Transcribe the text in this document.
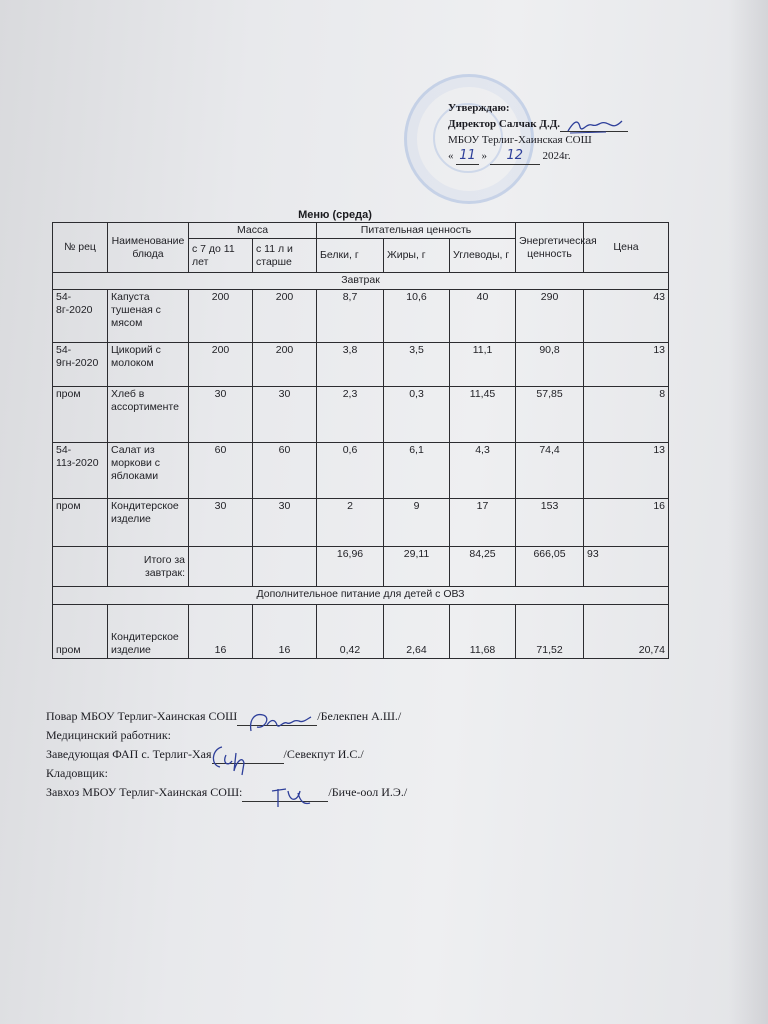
Утверждаю:
Директор Салчак Д.Д.
МБОУ Терлиг-Хаинская СОШ
« 11 » 12 2024г.
Меню (среда)
№ рец	Наименование блюда	Масса		Питательная ценность			Энергетическая ценность	Цена
		с 7 до 11 лет	с 11 л и старше	Белки, г	Жиры, г	Углеводы, г		
Завтрак								
54-8г-2020	Капуста тушеная с мясом	200	200	8,7	10,6	40	290	43
54-9гн-2020	Цикорий с молоком	200	200	3,8	3,5	11,1	90,8	13
пром	Хлеб в ассортименте	30	30	2,3	0,3	11,45	57,85	8
54-11з-2020	Салат из моркови с яблоками	60	60	0,6	6,1	4,3	74,4	13
пром	Кондитерское изделие	30	30	2	9	17	153	16
	Итого за завтрак:			16,96	29,11	84,25	666,05	93
Дополнительное питание для детей с ОВЗ								
пром	Кондитерское изделие	16	16	0,42	2,64	11,68	71,52	20,74
Повар МБОУ Терлиг-Хаинская СОШ	/Белекпен А.Ш./
Медицинский работник:
Заведующая ФАП с. Терлиг-Хая	/Севекпут И.С./
Кладовщик:
Завхоз МБОУ Терлиг-Хаинская СОШ:	/Биче-оол И.Э./
